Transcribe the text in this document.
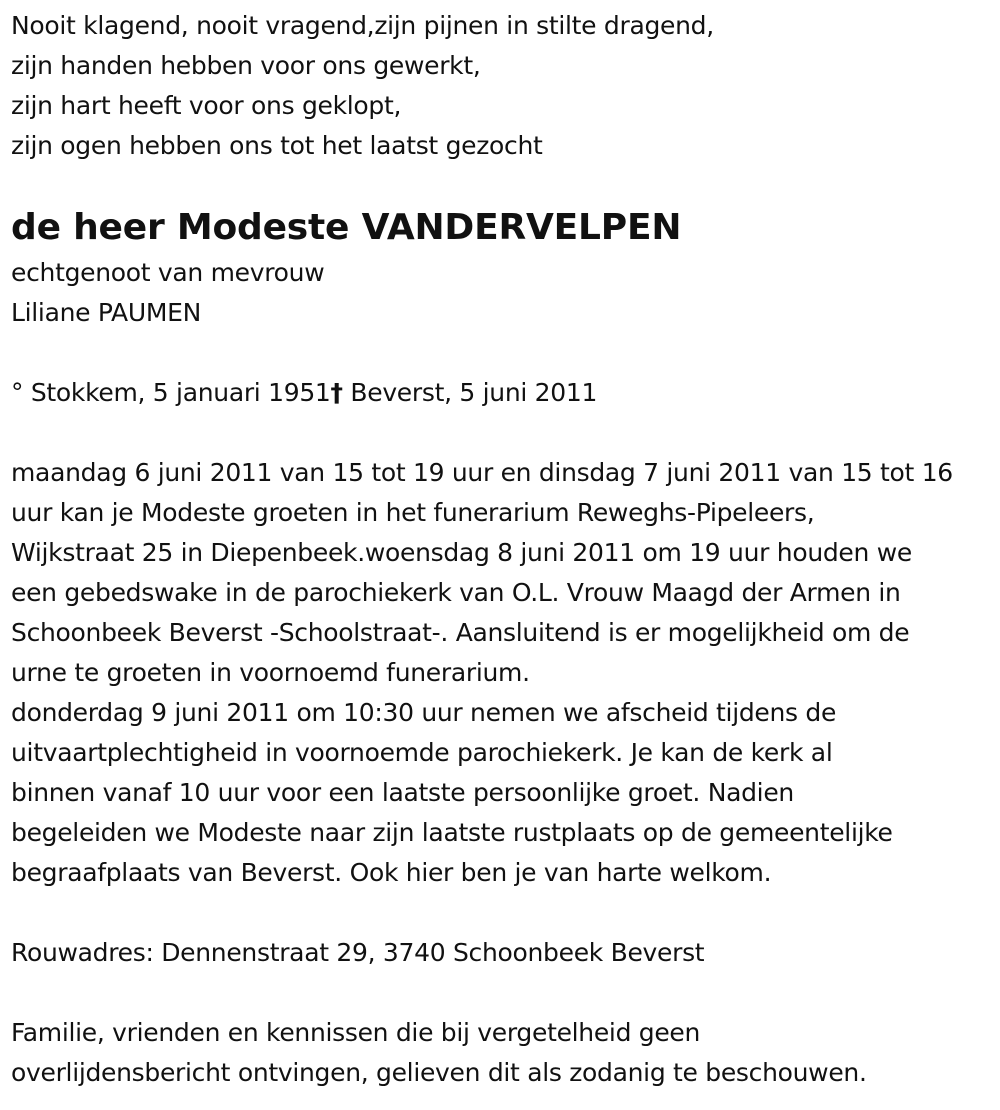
Nooit klagend, nooit vragend,zijn pijnen in stilte dragend,
zijn handen hebben voor ons gewerkt,
zijn hart heeft voor ons geklopt,
zijn ogen hebben ons tot het laatst gezocht
de heer Modeste VANDERVELPEN
echtgenoot van mevrouw
Liliane PAUMEN
° Stokkem, 5 januari 1951† Beverst, 5 juni 2011
maandag 6 juni 2011 van 15 tot 19 uur en dinsdag 7 juni 2011 van 15 tot 16
uur kan je Modeste groeten in het funerarium Reweghs-Pipeleers,
Wijkstraat 25 in Diepenbeek.woensdag 8 juni 2011 om 19 uur houden we
een gebedswake in de parochiekerk van O.L. Vrouw Maagd der Armen in
Schoonbeek Beverst -Schoolstraat-. Aansluitend is er mogelijkheid om de
urne te groeten in voornoemd funerarium.
donderdag 9 juni 2011 om 10:30 uur nemen we afscheid tijdens de
uitvaartplechtigheid in voornoemde parochiekerk. Je kan de kerk al
binnen vanaf 10 uur voor een laatste persoonlijke groet. Nadien
begeleiden we Modeste naar zijn laatste rustplaats op de gemeentelijke
begraafplaats van Beverst. Ook hier ben je van harte welkom.
Rouwadres: Dennenstraat 29, 3740 Schoonbeek Beverst
Familie, vrienden en kennissen die bij vergetelheid geen
overlijdensbericht ontvingen, gelieven dit als zodanig te beschouwen.
